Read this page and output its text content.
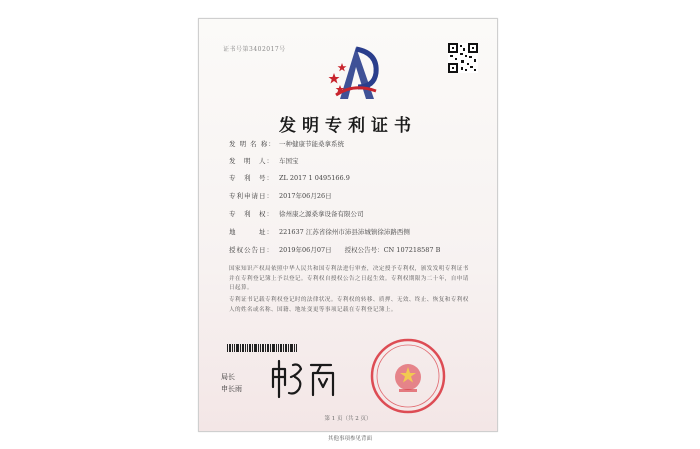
证书号第3402017号
发明专利证书
发 明 名 称： 一种健康节能桑拿系统
发　明　人： 车国宝
专　利　号： ZL 2017 1 0495166.9
专利申请日： 2017年06月26日
专　利　权： 徐州康之源桑拿设备有限公司
地　　　址： 221637 江苏省徐州市沛县沛城镇徐沛路西侧
授权公告日： 2019年06月07日　　授权公告号：CN 107218587 B
国家知识产权局依照中华人民共和国专利法进行审查，决定授予专利权，颁发发明专利证书并在专利登记簿上予以登记。专利权自授权公告之日起生效。专利权期限为二十年，自申请日起算。
专利证书记载专利权登记时的法律状况。专利权的转移、质押、无效、终止、恢复和专利权人的姓名或名称、国籍、地址变更等事项记载在专利登记簿上。
局长
申长雨
第 1 页（共 2 页）
其他事项参见背面
